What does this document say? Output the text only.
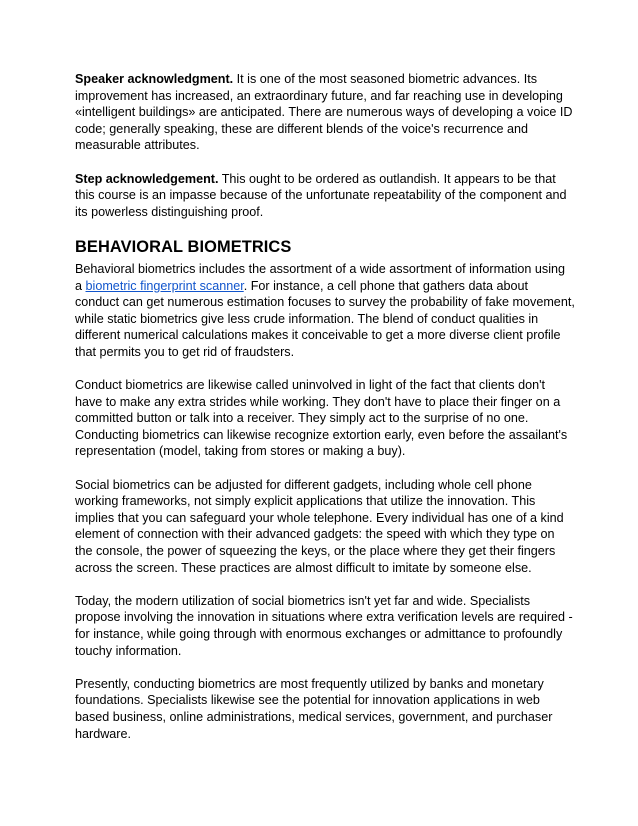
Speaker acknowledgment. It is one of the most seasoned biometric advances. Its improvement has increased, an extraordinary future, and far reaching use in developing «intelligent buildings» are anticipated. There are numerous ways of developing a voice ID code; generally speaking, these are different blends of the voice's recurrence and measurable attributes.

Step acknowledgement. This ought to be ordered as outlandish. It appears to be that this course is an impasse because of the unfortunate repeatability of the component and its powerless distinguishing proof.

BEHAVIORAL BIOMETRICS

Behavioral biometrics includes the assortment of a wide assortment of information using a biometric fingerprint scanner. For instance, a cell phone that gathers data about conduct can get numerous estimation focuses to survey the probability of fake movement, while static biometrics give less crude information. The blend of conduct qualities in different numerical calculations makes it conceivable to get a more diverse client profile that permits you to get rid of fraudsters.

Conduct biometrics are likewise called uninvolved in light of the fact that clients don't have to make any extra strides while working. They don't have to place their finger on a committed button or talk into a receiver. They simply act to the surprise of no one. Conducting biometrics can likewise recognize extortion early, even before the assailant's representation (model, taking from stores or making a buy).

Social biometrics can be adjusted for different gadgets, including whole cell phone working frameworks, not simply explicit applications that utilize the innovation. This implies that you can safeguard your whole telephone. Every individual has one of a kind element of connection with their advanced gadgets: the speed with which they type on the console, the power of squeezing the keys, or the place where they get their fingers across the screen. These practices are almost difficult to imitate by someone else.

Today, the modern utilization of social biometrics isn't yet far and wide. Specialists propose involving the innovation in situations where extra verification levels are required - for instance, while going through with enormous exchanges or admittance to profoundly touchy information.

Presently, conducting biometrics are most frequently utilized by banks and monetary foundations. Specialists likewise see the potential for innovation applications in web based business, online administrations, medical services, government, and purchaser hardware.
